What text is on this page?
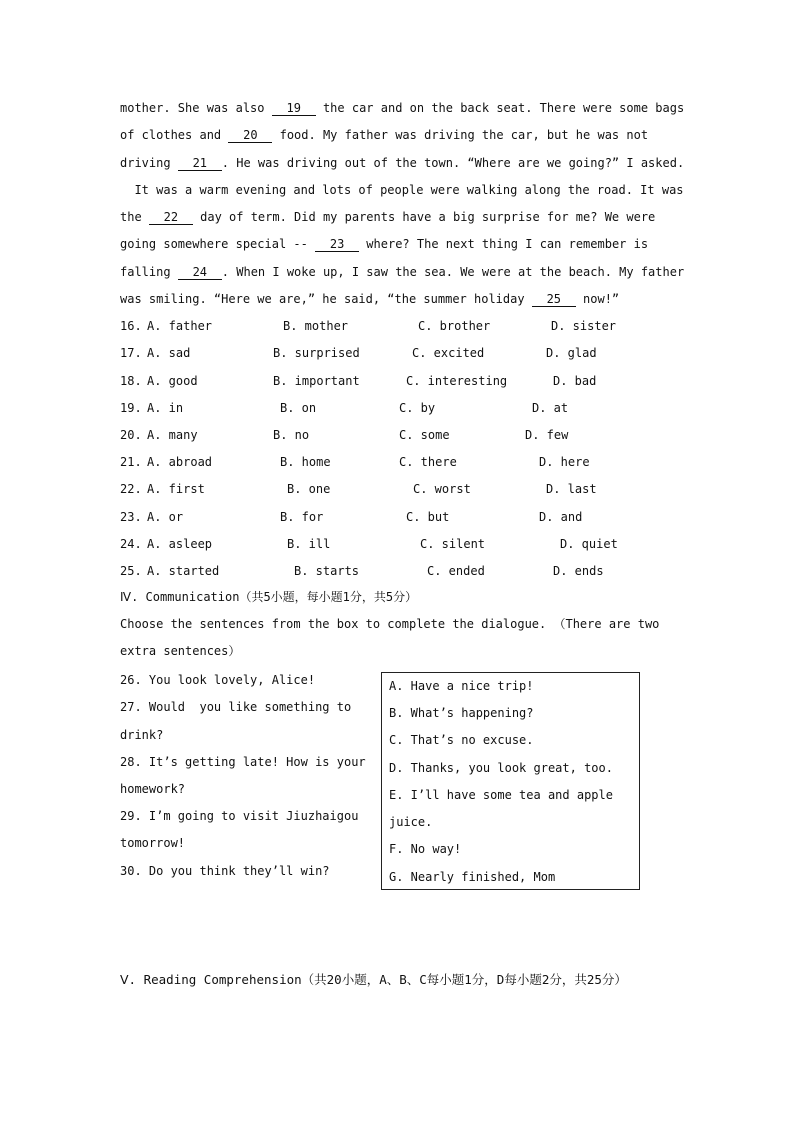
mother. She was also 19 the car and on the back seat. There were some bags
of clothes and 20 food. My father was driving the car, but he was not
driving 21 . He was driving out of the town. “Where are we going?” I asked.
It was a warm evening and lots of people were walking along the road. It was
the 22 day of term. Did my parents have a big surprise for me? We were
going somewhere special -- 23 where? The next thing I can remember is
falling 24 . When I woke up, I saw the sea. We were at the beach. My father
was smiling. “Here we are,” he said, “the summer holiday 25 now!”
16. A. father	B. mother	C. brother	D. sister
17. A. sad	B. surprised	C. excited	D. glad
18. A. good	B. important	C. interesting	D. bad
19. A. in	B. on	C. by	D. at
20. A. many	B. no	C. some	D. few
21. A. abroad	B. home	C. there	D. here
22. A. first	B. one	C. worst	D. last
23. A. or	B. for	C. but	D. and
24. A. asleep	B. ill	C. silent	D. quiet
25. A. started	B. starts	C. ended	D. ends
Ⅳ. Communication（共5小题，每小题1分，共5分）
Choose the sentences from the box to complete the dialogue. （There are two
extra sentences）
26. You look lovely, Alice!
27. Would  you like something to
drink?
28. It’s getting late! How is your
homework?
29. I’m going to visit Jiuzhaigou
tomorrow!
30. Do you think they’ll win?
A. Have a nice trip!
B. What’s happening?
C. That’s no excuse.
D. Thanks, you look great, too.
E. I’ll have some tea and apple
juice.
F. No way!
G. Nearly finished, Mom
Ⅴ. Reading Comprehension（共20小题，A、B、C每小题1分，D每小题2分，共25分）
